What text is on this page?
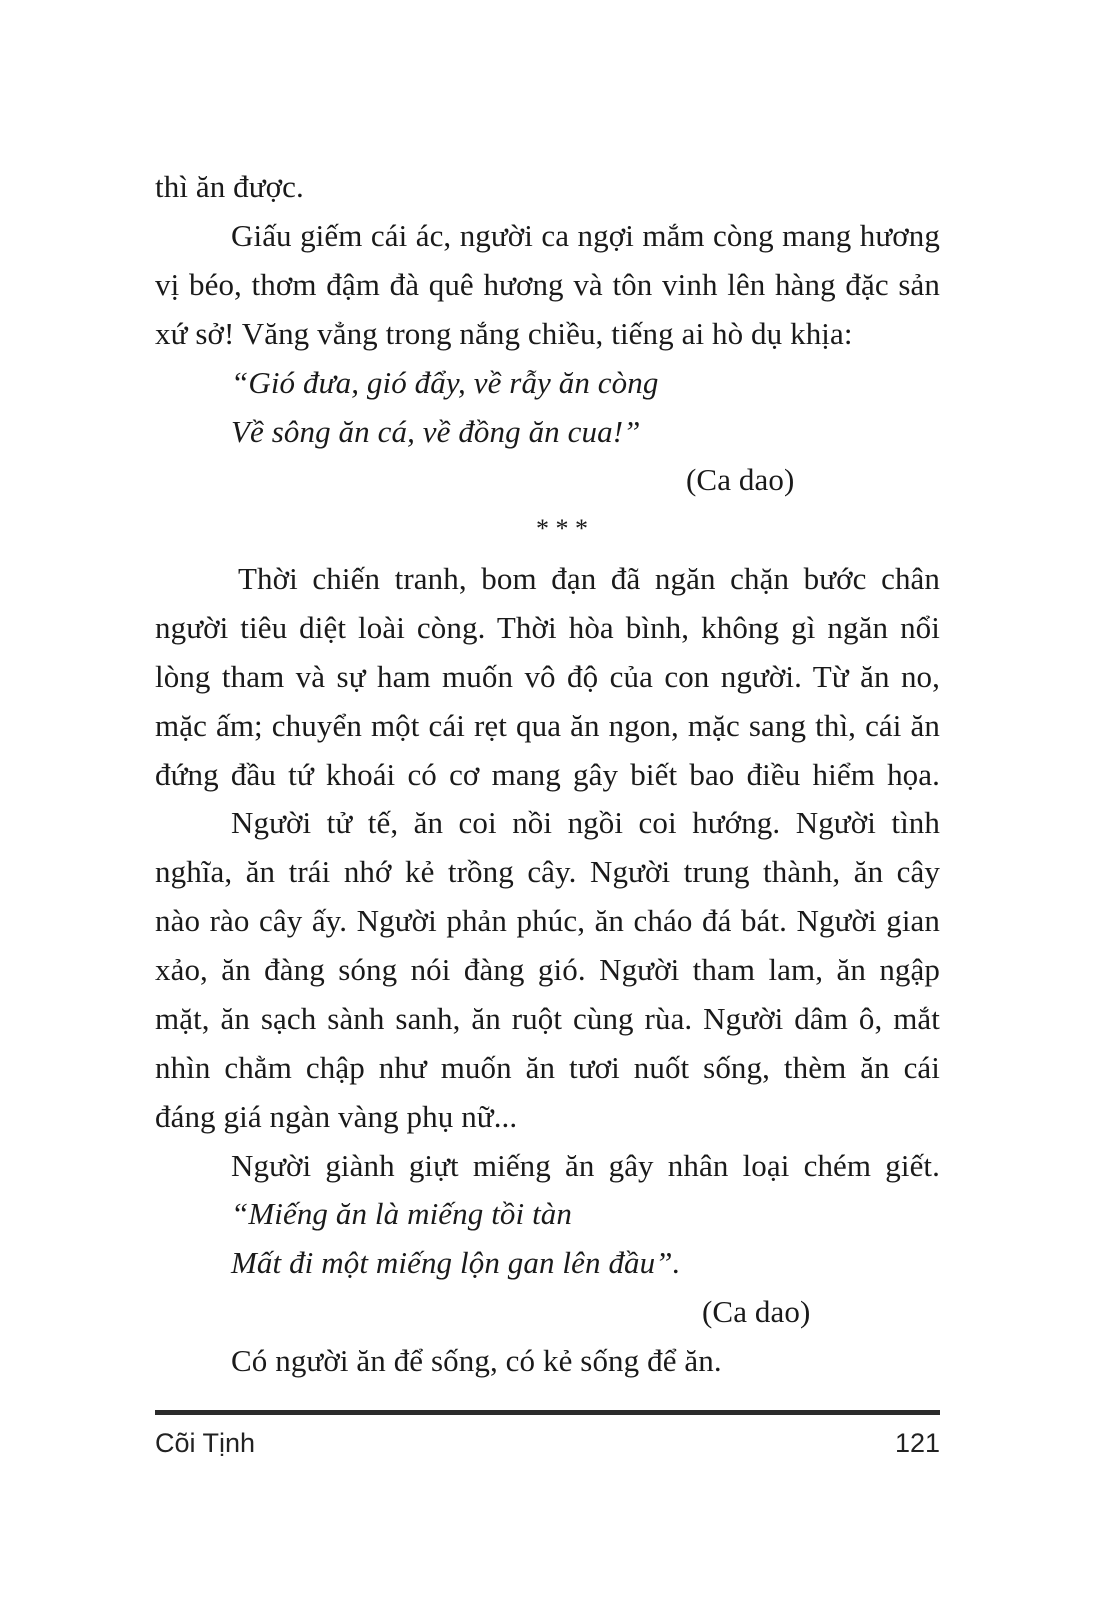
thì ăn được.
Giấu giếm cái ác, người ca ngợi mắm còng mang hương
vị béo, thơm đậm đà quê hương và tôn vinh lên hàng đặc sản
xứ sở! Văng vẳng trong nắng chiều, tiếng ai hò dụ khịa:
“Gió đưa, gió đẩy, về rẫy ăn còng
Về sông ăn cá, về đồng ăn cua!”
(Ca dao)
* * *
Thời chiến tranh, bom đạn đã ngăn chặn bước chân
người tiêu diệt loài còng. Thời hòa bình, không gì ngăn nổi
lòng tham và sự ham muốn vô độ của con người. Từ ăn no,
mặc ấm; chuyển một cái rẹt qua ăn ngon, mặc sang thì, cái ăn
đứng đầu tứ khoái có cơ mang gây biết bao điều hiểm họa.
Người tử tế, ăn coi nồi ngồi coi hướng. Người tình
nghĩa, ăn trái nhớ kẻ trồng cây. Người trung thành, ăn cây
nào rào cây ấy. Người phản phúc, ăn cháo đá bát. Người gian
xảo, ăn đàng sóng nói đàng gió. Người tham lam, ăn ngập
mặt, ăn sạch sành sanh, ăn ruột cùng rùa. Người dâm ô, mắt
nhìn chằm chập như muốn ăn tươi nuốt sống, thèm ăn cái
đáng giá ngàn vàng phụ nữ...
Người giành giựt miếng ăn gây nhân loại chém giết.
“Miếng ăn là miếng tồi tàn
Mất đi một miếng lộn gan lên đầu”.
(Ca dao)
Có người ăn để sống, có kẻ sống để ăn.
Cõi Tịnh	121
